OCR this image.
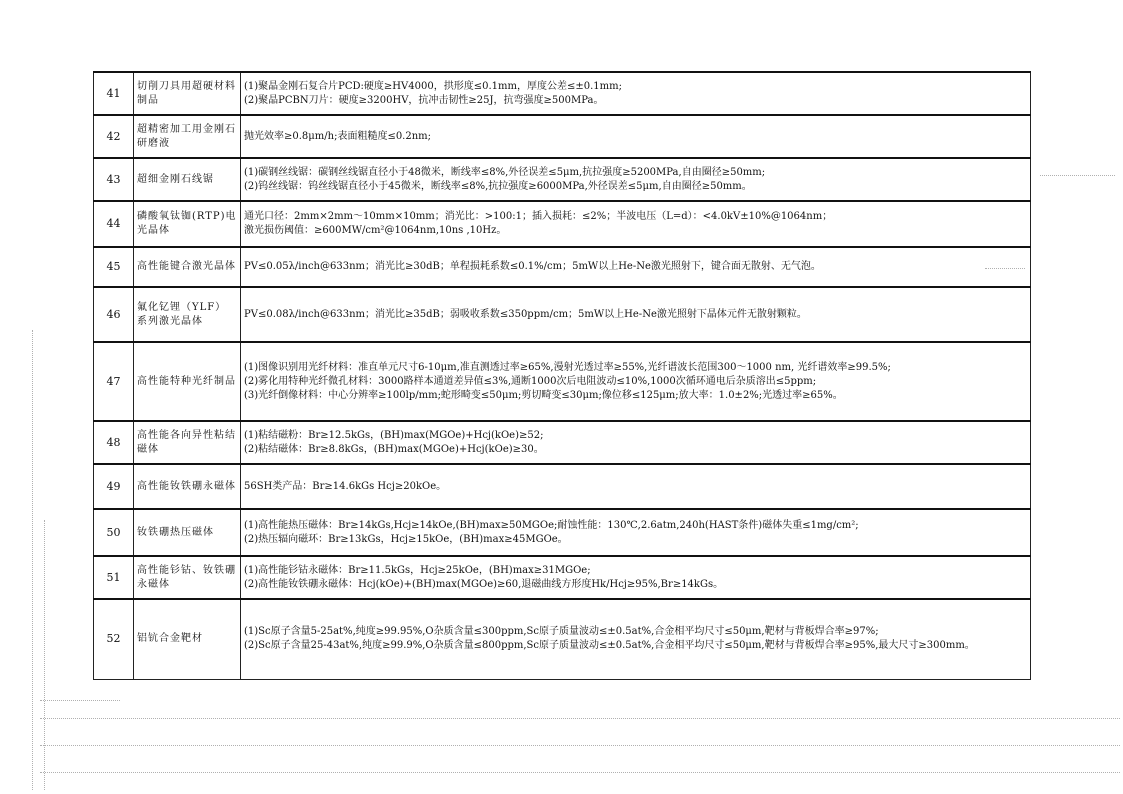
41	切削刀具用超硬材料制品	(1)聚晶金刚石复合片PCD:硬度≥HV4000，拱形度≤0.1mm，厚度公差≤±0.1mm;
(2)聚晶PCBN刀片：硬度≥3200HV，抗冲击韧性≥25J，抗弯强度≥500MPa。

42	超精密加工用金刚石研磨液	抛光效率≥0.8μm/h;表面粗糙度≤0.2nm;

43	超细金刚石线锯	(1)碳钢丝线锯：碳钢丝线锯直径小于48微米，断线率≤8%,外径误差≤5μm,抗拉强度≥5200MPa,自由圈径≥50mm;
(2)钨丝线锯：钨丝线锯直径小于45微米，断线率≤8%,抗拉强度≥6000MPa,外径误差≤5μm,自由圈径≥50mm。

44	磷酸氧钛铷(RTP)电光晶体	通光口径：2mm×2mm～10mm×10mm；消光比：>100:1；插入损耗：≤2%；半波电压（L=d）：<4.0kV±10%@1064nm；
激光损伤阈值：≥600MW/cm²@1064nm,10ns ,10Hz。

45	高性能键合激光晶体	PV≤0.05λ/inch@633nm；消光比≥30dB；单程损耗系数≤0.1%/cm；5mW以上He-Ne激光照射下，键合面无散射、无气泡。

46	氟化钇锂（YLF）系列激光晶体	PV≤0.08λ/inch@633nm；消光比≥35dB；弱吸收系数≤350ppm/cm；5mW以上He-Ne激光照射下晶体元件无散射颗粒。

47	高性能特种光纤制品	(1)图像识别用光纤材料：准直单元尺寸6-10μm,准直测透过率≥65%,漫射光透过率≥55%,光纤谱波长范围300～1000 nm, 光纤谱效率≥99.5%;
(2)雾化用特种光纤微孔材料：3000路样本通道差异值≤3%,通断1000次后电阻波动≤10%,1000次循环通电后杂质溶出≤5ppm;
(3)光纤倒像材料：中心分辨率≥100lp/mm;蛇形畸变≤50μm;剪切畸变≤30μm;像位移≤125μm;放大率：1.0±2%;光透过率≥65%。

48	高性能各向异性粘结磁体	(1)粘结磁粉：Br≥12.5kGs，(BH)max(MGOe)+Hcj(kOe)≥52;
(2)粘结磁体：Br≥8.8kGs，(BH)max(MGOe)+Hcj(kOe)≥30。

49	高性能钕铁硼永磁体	56SH类产品：Br≥14.6kGs Hcj≥20kOe。

50	钕铁硼热压磁体	(1)高性能热压磁体：Br≥14kGs,Hcj≥14kOe,(BH)max≥50MGOe;耐蚀性能：130℃,2.6atm,240h(HAST条件)磁体失重≤1mg/cm²;
(2)热压辐向磁环：Br≥13kGs，Hcj≥15kOe，(BH)max≥45MGOe。

51	高性能钐钴、钕铁硼永磁体	(1)高性能钐钴永磁体：Br≥11.5kGs，Hcj≥25kOe，(BH)max≥31MGOe;
(2)高性能钕铁硼永磁体：Hcj(kOe)+(BH)max(MGOe)≥60,退磁曲线方形度Hk/Hcj≥95%,Br≥14kGs。

52	铝钪合金靶材	(1)Sc原子含量5-25at%,纯度≥99.95%,O杂质含量≤300ppm,Sc原子质量波动≤±0.5at%,合金相平均尺寸≤50μm,靶材与背板焊合率≥97%;
(2)Sc原子含量25-43at%,纯度≥99.9%,O杂质含量≤800ppm,Sc原子质量波动≤±0.5at%,合金相平均尺寸≤50μm,靶材与背板焊合率≥95%,最大尺寸≥300mm。
